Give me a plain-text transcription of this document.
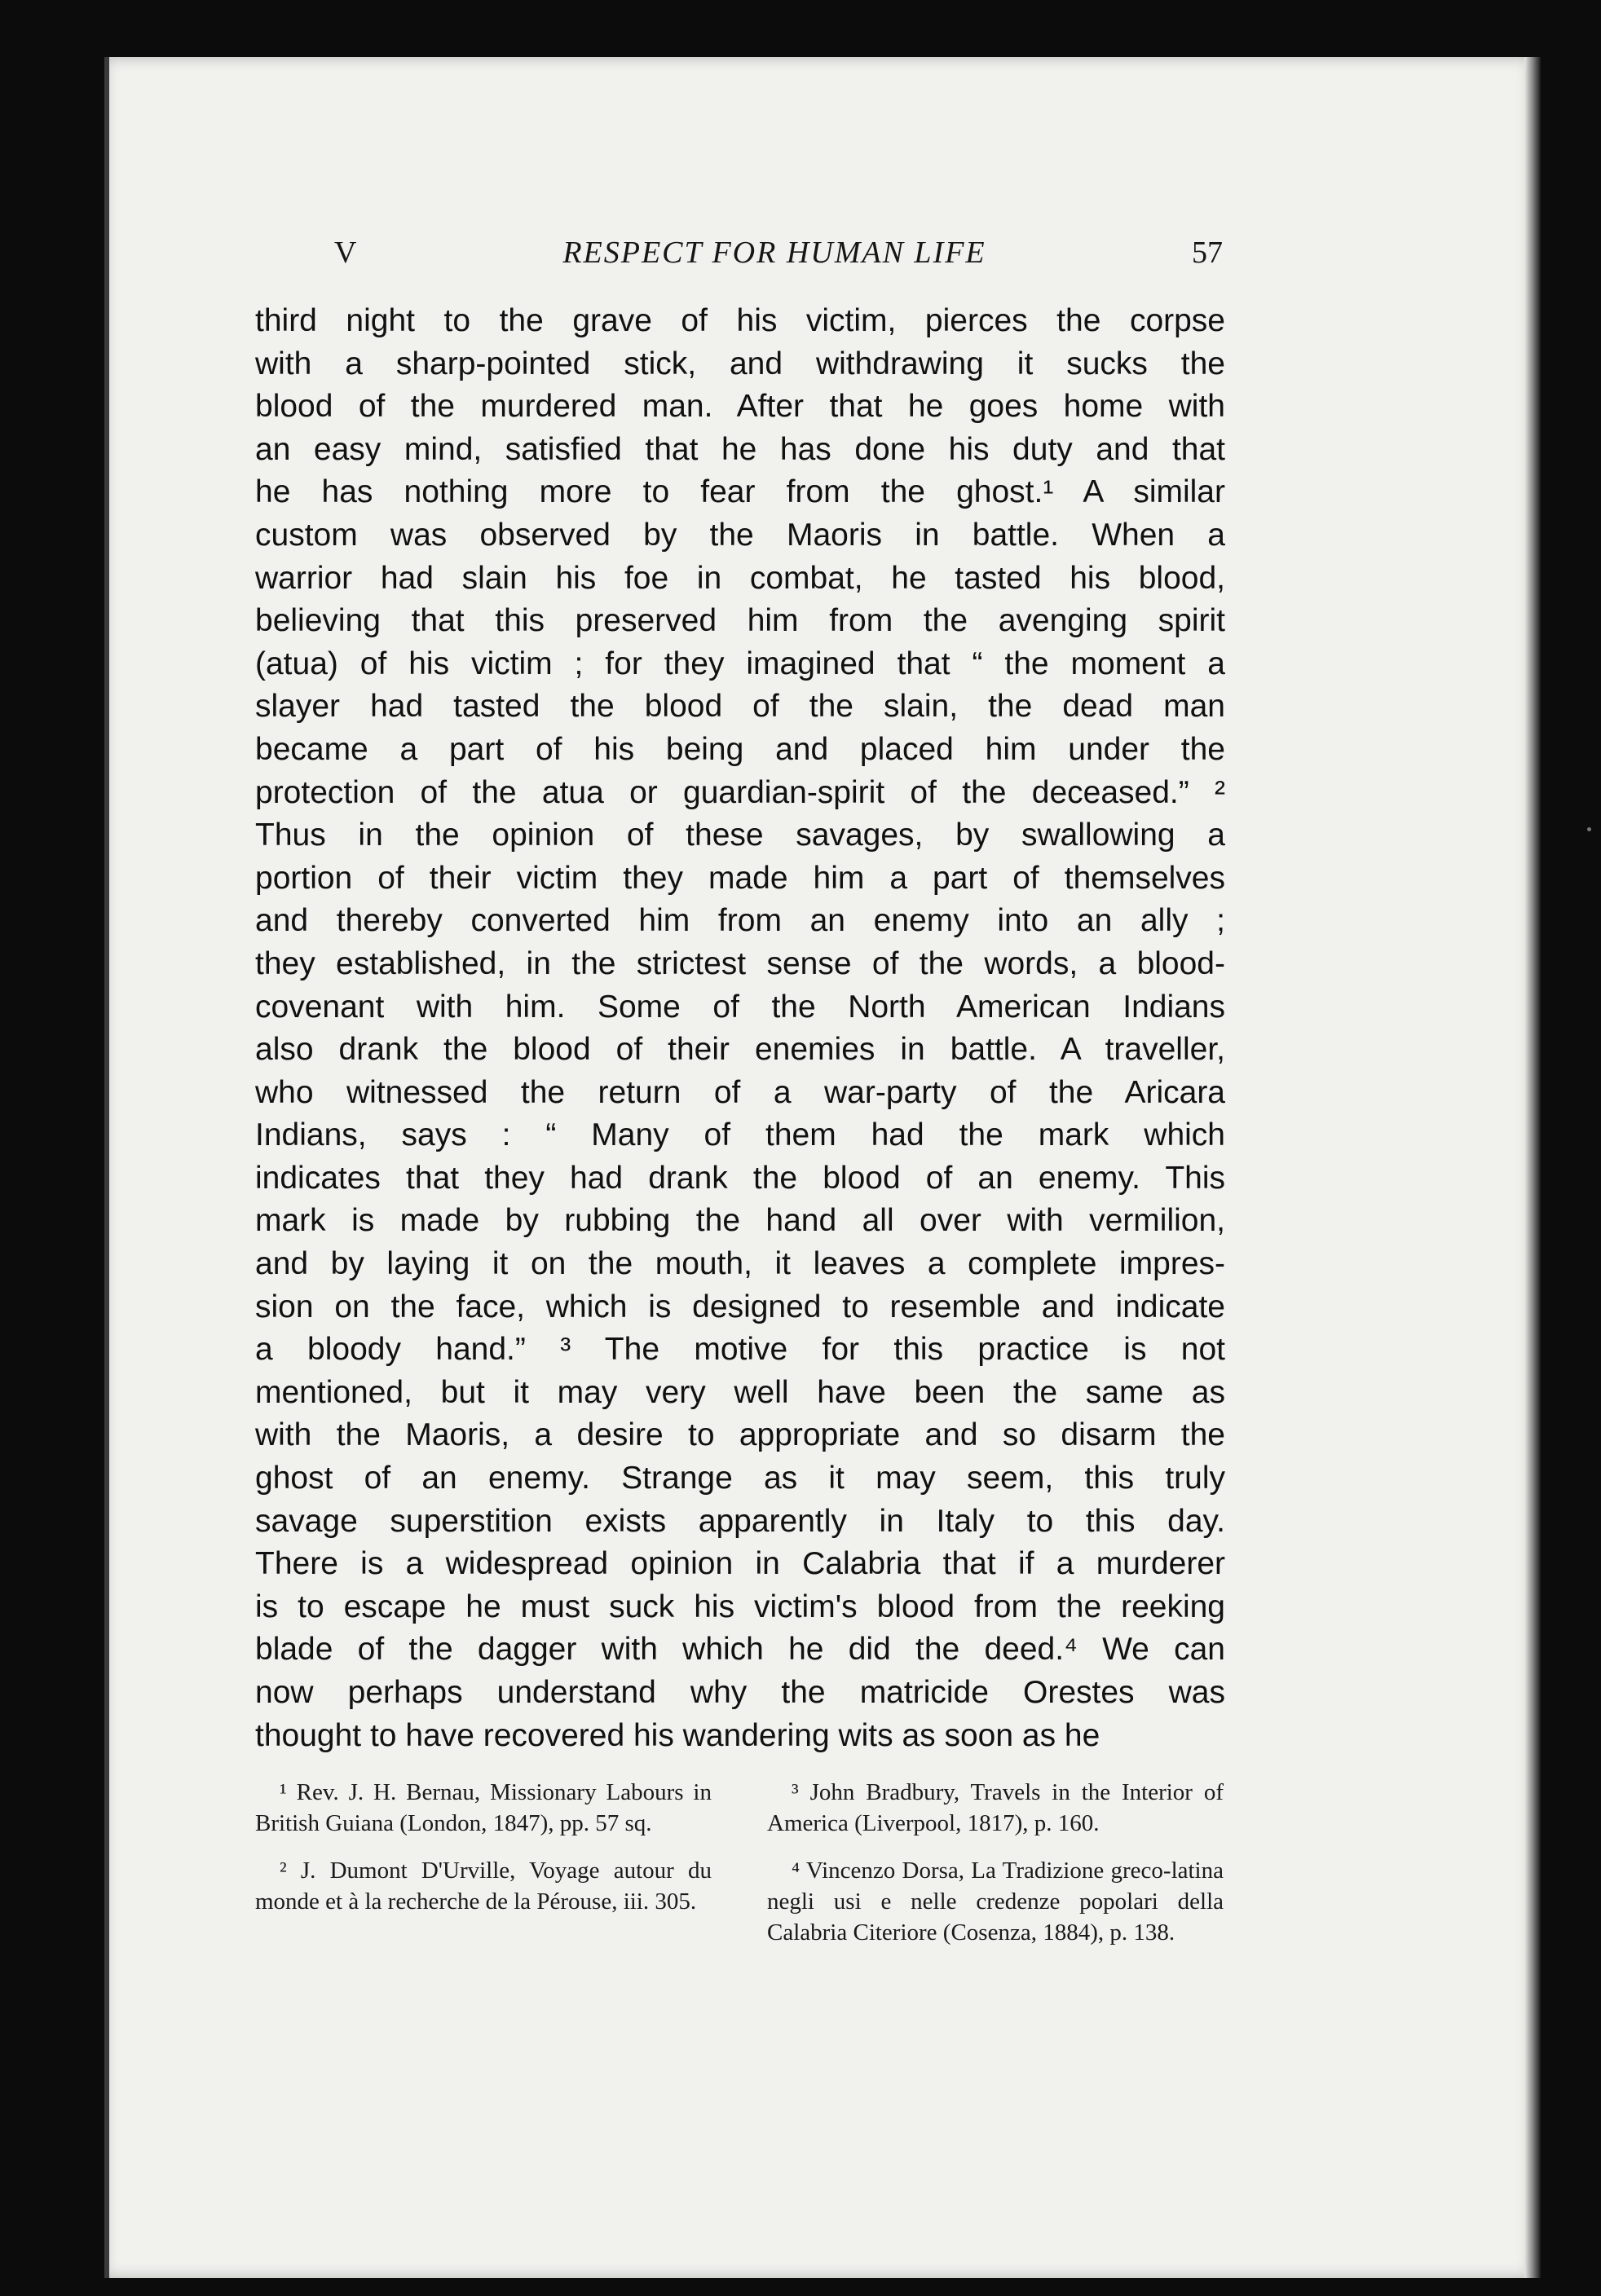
V	RESPECT FOR HUMAN LIFE	57
third night to the grave of his victim, pierces the corpse
with a sharp-pointed stick, and withdrawing it sucks the
blood of the murdered man. After that he goes home with
an easy mind, satisfied that he has done his duty and that
he has nothing more to fear from the ghost.¹ A similar
custom was observed by the Maoris in battle. When a
warrior had slain his foe in combat, he tasted his blood,
believing that this preserved him from the avenging spirit
(atua) of his victim ; for they imagined that “ the moment a
slayer had tasted the blood of the slain, the dead man
became a part of his being and placed him under the
protection of the atua or guardian-spirit of the deceased.” ²
Thus in the opinion of these savages, by swallowing a
portion of their victim they made him a part of themselves
and thereby converted him from an enemy into an ally ;
they established, in the strictest sense of the words, a blood-
covenant with him. Some of the North American Indians
also drank the blood of their enemies in battle. A traveller,
who witnessed the return of a war-party of the Aricara
Indians, says : “ Many of them had the mark which
indicates that they had drank the blood of an enemy. This
mark is made by rubbing the hand all over with vermilion,
and by laying it on the mouth, it leaves a complete impres-
sion on the face, which is designed to resemble and indicate
a bloody hand.” ³ The motive for this practice is not
mentioned, but it may very well have been the same as
with the Maoris, a desire to appropriate and so disarm the
ghost of an enemy. Strange as it may seem, this truly
savage superstition exists apparently in Italy to this day.
There is a widespread opinion in Calabria that if a murderer
is to escape he must suck his victim's blood from the reeking
blade of the dagger with which he did the deed.⁴ We can
now perhaps understand why the matricide Orestes was
thought to have recovered his wandering wits as soon as he
¹ Rev. J. H. Bernau, Missionary Labours in British Guiana (London, 1847), pp. 57 sq.
² J. Dumont D'Urville, Voyage autour du monde et à la recherche de la Pérouse, iii. 305.
³ John Bradbury, Travels in the Interior of America (Liverpool, 1817), p. 160.
⁴ Vincenzo Dorsa, La Tradizione greco-latina negli usi e nelle credenze popolari della Calabria Citeriore (Cosenza, 1884), p. 138.
